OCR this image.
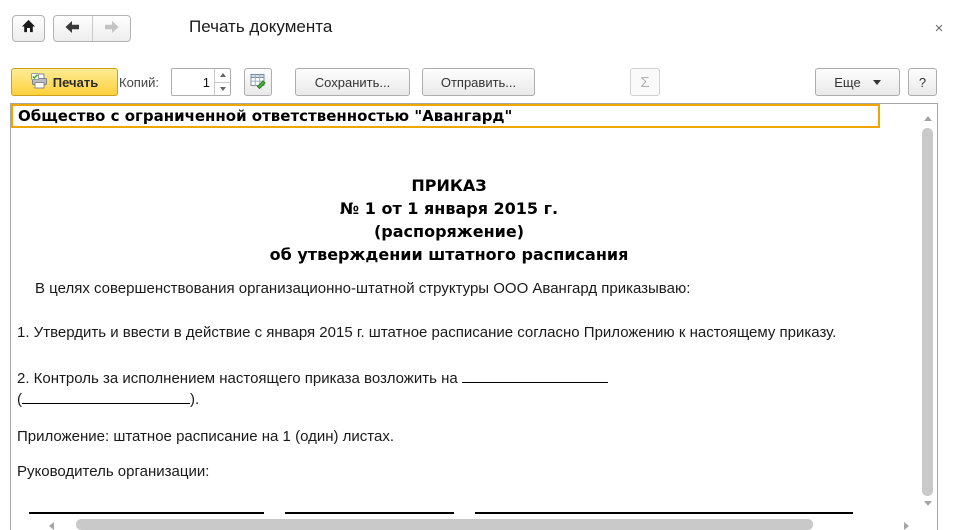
Печать документа	×
Печать Копий:
1	Сохранить...	Отправить...	Σ	Еще	?
Общество с ограниченной ответственностью "Авангард"
ПРИКАЗ
№ 1 от 1 января 2015 г.
(распоряжение)
об утверждении штатного расписания
В целях совершенствования организационно-штатной структуры ООО Авангард приказываю:
1. Утвердить и ввести в действие с января 2015 г. штатное расписание согласно Приложению к настоящему приказу.
2. Контроль за исполнением настоящего приказа возложить на
(	).
Приложение: штатное расписание на 1 (один) листах.
Руководитель организации:
